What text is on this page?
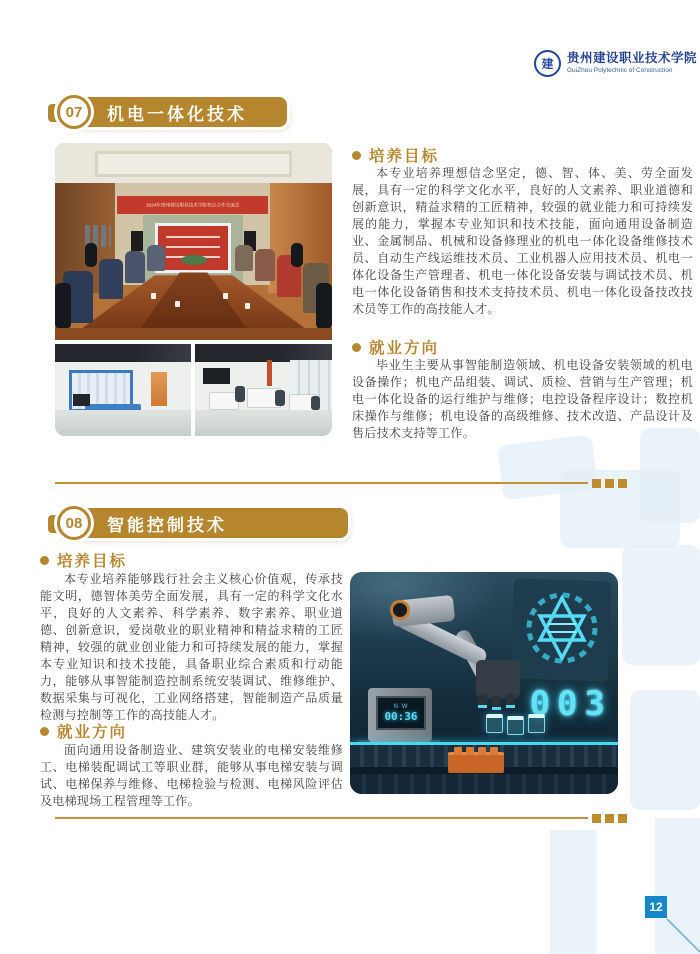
建 贵州建设职业技术学院
GuiZhou Polytechnic of Construction
机电一体化技术
07
2024年贵州建设职业技术学院校企合作交流会
培养目标
本专业培养理想信念坚定，德、智、体、美、劳全面发展，具有一定的科学文化水平，良好的人文素养、职业道德和创新意识，精益求精的工匠精神，较强的就业能力和可持续发展的能力，掌握本专业知识和技术技能，面向通用设备制造业、金属制品、机械和设备修理业的机电一体化设备维修技术员、自动生产线运维技术员、工业机器人应用技术员、机电一体化设备生产管理者、机电一体化设备安装与调试技术员、机电一体化设备销售和技术支持技术员、机电一体化设备技改技术员等工作的高技能人才。
就业方向
毕业生主要从事智能制造领域、机电设备安装领域的机电设备操作；机电产品组装、调试、质检、营销与生产管理；机电一体化设备的运行维护与维修；电控设备程序设计；数控机床操作与维修；机电设备的高级维修、技术改造、产品设计及售后技术支持等工作。
智能控制技术
08
培养目标
本专业培养能够践行社会主义核心价值观，传承技能文明，德智体美劳全面发展，具有一定的科学文化水平，良好的人文素养、科学素养、数字素养、职业道德、创新意识，爱岗敬业的职业精神和精益求精的工匠精神，较强的就业创业能力和可持续发展的能力，掌握本专业知识和技术技能，具备职业综合素质和行动能力，能够从事智能制造控制系统安装调试、维修维护、数据采集与可视化，工业网络搭建，智能制造产品质量检测与控制等工作的高技能人才。
就业方向
面向通用设备制造业、建筑安装业的电梯安装维修工、电梯装配调试工等职业群，能够从事电梯安装与调试、电梯保养与维修、电梯检验与检测、电梯风险评估及电梯现场工程管理等工作。
003
N·W
00:36
12
